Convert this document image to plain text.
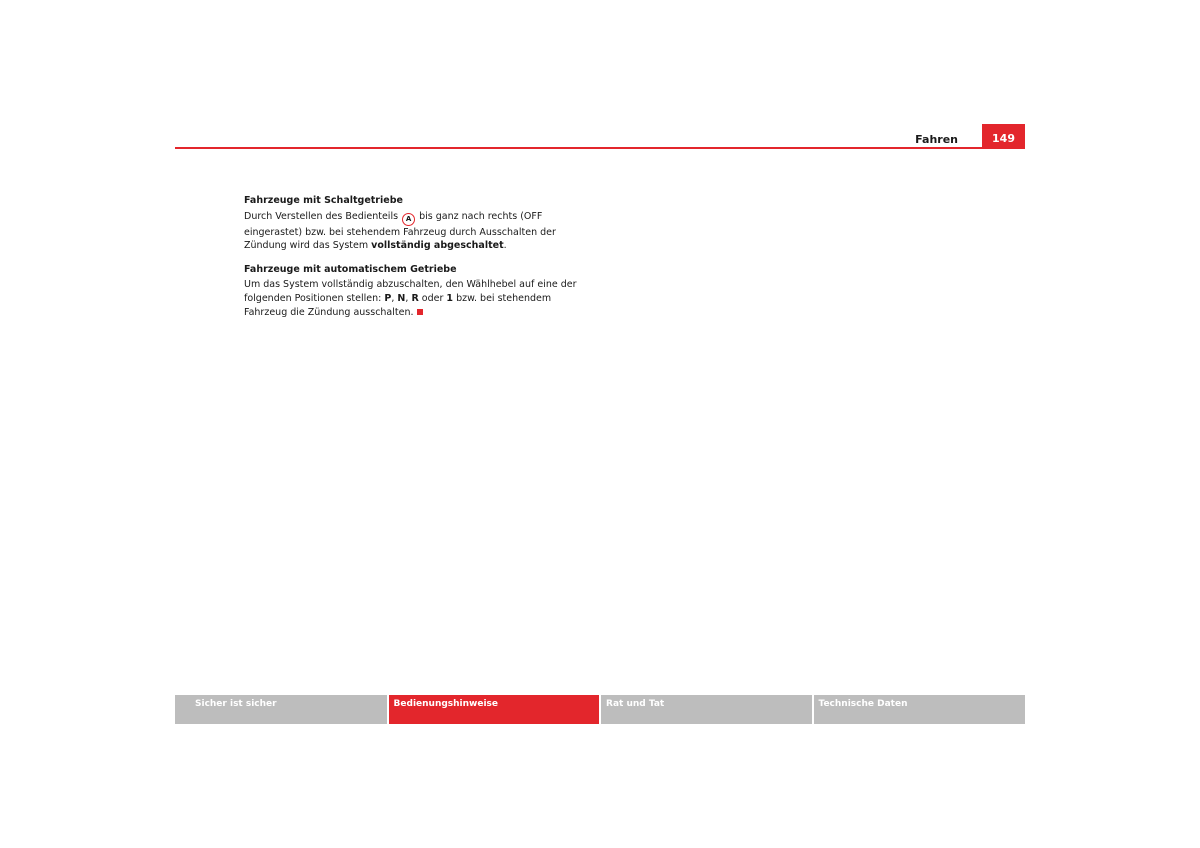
Fahren	149
Fahrzeuge mit Schaltgetriebe

Durch Verstellen des Bedienteils A bis ganz nach rechts (OFF eingerastet) bzw. bei stehendem Fahrzeug durch Ausschalten der Zündung wird das System vollständig abgeschaltet.

Fahrzeuge mit automatischem Getriebe

Um das System vollständig abzuschalten, den Wählhebel auf eine der folgenden Positionen stellen: P, N, R oder 1 bzw. bei stehendem Fahrzeug die Zündung ausschalten.

Sicher ist sicher	Bedienungshinweise	Rat und Tat	Technische Daten
